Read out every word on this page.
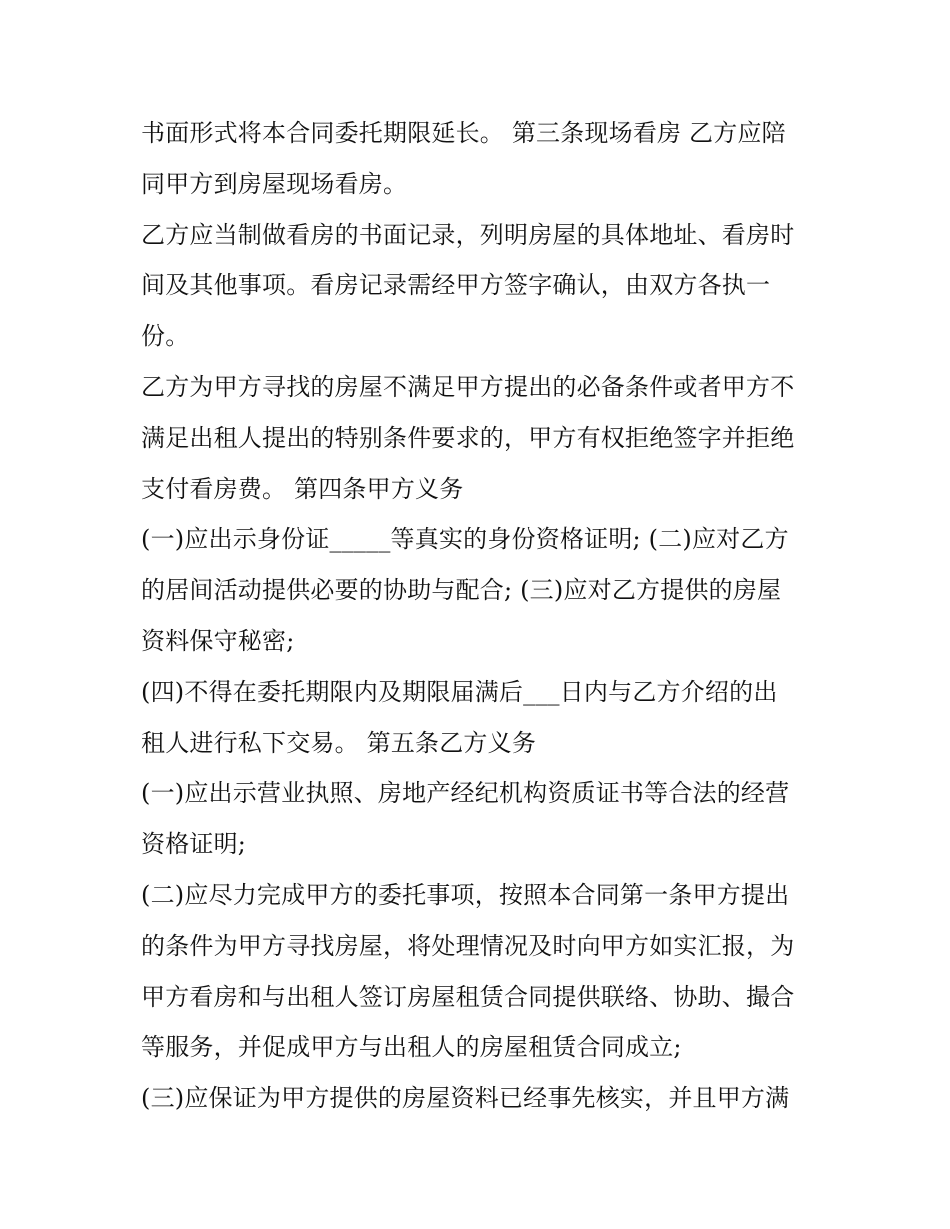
书面形式将本合同委托期限延长。 第三条现场看房 乙方应陪
同甲方到房屋现场看房。
乙方应当制做看房的书面记录，列明房屋的具体地址、看房时
间及其他事项。看房记录需经甲方签字确认，由双方各执一
份。
乙方为甲方寻找的房屋不满足甲方提出的必备条件或者甲方不
满足出租人提出的特别条件要求的，甲方有权拒绝签字并拒绝
支付看房费。 第四条甲方义务
(一)应出示身份证_____等真实的身份资格证明; (二)应对乙方
的居间活动提供必要的协助与配合; (三)应对乙方提供的房屋
资料保守秘密;
(四)不得在委托期限内及期限届满后___日内与乙方介绍的出
租人进行私下交易。 第五条乙方义务
(一)应出示营业执照、房地产经纪机构资质证书等合法的经营
资格证明;
(二)应尽力完成甲方的委托事项，按照本合同第一条甲方提出
的条件为甲方寻找房屋，将处理情况及时向甲方如实汇报，为
甲方看房和与出租人签订房屋租赁合同提供联络、协助、撮合
等服务，并促成甲方与出租人的房屋租赁合同成立;
(三)应保证为甲方提供的房屋资料已经事先核实，并且甲方满
